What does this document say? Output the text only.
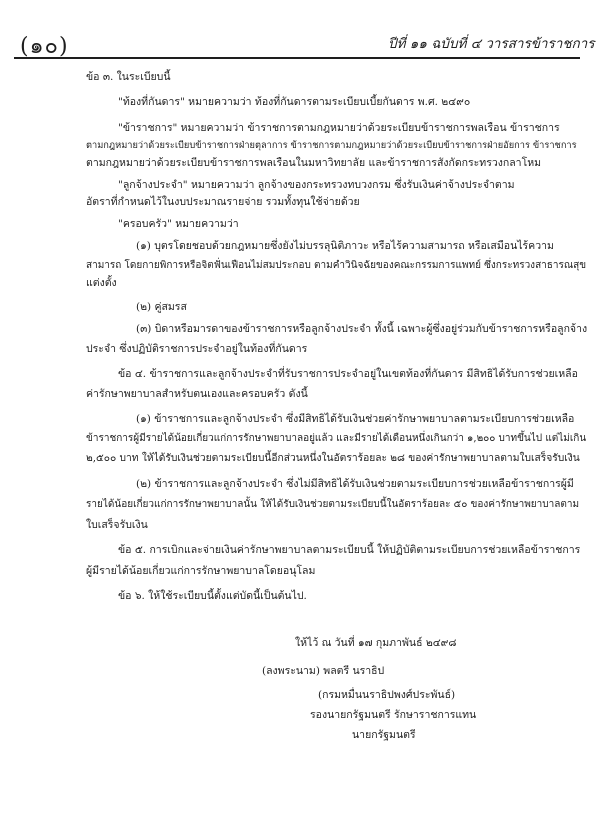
(๑๐)	ปีที่ ๑๑ ฉบับที่ ๔ วารสารข้าราชการ
ข้อ ๓. ในระเบียบนี้
"ท้องที่กันดาร" หมายความว่า ท้องที่กันดารตามระเบียบเบี้ยกันดาร พ.ศ. ๒๔๙๐
"ข้าราชการ" หมายความว่า ข้าราชการตามกฎหมายว่าด้วยระเบียบข้าราชการพลเรือน ข้าราชการ
ตามกฎหมายว่าด้วยระเบียบข้าราชการฝ่ายตุลาการ ข้าราชการตามกฎหมายว่าด้วยระเบียบข้าราชการฝ่ายอัยการ ข้าราชการ
ตามกฎหมายว่าด้วยระเบียบข้าราชการพลเรือนในมหาวิทยาลัย และข้าราชการสังกัดกระทรวงกลาโหม
"ลูกจ้างประจำ" หมายความว่า ลูกจ้างของกระทรวงทบวงกรม ซึ่งรับเงินค่าจ้างประจำตาม
อัตราที่กำหนดไว้ในงบประมาณรายจ่าย รวมทั้งทุนใช้จ่ายด้วย
"ครอบครัว" หมายความว่า
(๑) บุตรโดยชอบด้วยกฎหมายซึ่งยังไม่บรรลุนิติภาวะ หรือไร้ความสามารถ หรือเสมือนไร้ความ
สามารถ โดยกายพิการหรือจิตฟั่นเฟือนไม่สมประกอบ ตามคำวินิจฉัยของคณะกรรมการแพทย์ ซึ่งกระทรวงสาธารณสุข
แต่งตั้ง
(๒) คู่สมรส
(๓) บิดาหรือมารดาของข้าราชการหรือลูกจ้างประจำ ทั้งนี้ เฉพาะผู้ซึ่งอยู่ร่วมกับข้าราชการหรือลูกจ้าง
ประจำ ซึ่งปฏิบัติราชการประจำอยู่ในท้องที่กันดาร
ข้อ ๔. ข้าราชการและลูกจ้างประจำที่รับราชการประจำอยู่ในเขตท้องที่กันดาร มีสิทธิได้รับการช่วยเหลือ
ค่ารักษาพยาบาลสำหรับตนเองและครอบครัว ดังนี้
(๑) ข้าราชการและลูกจ้างประจำ ซึ่งมีสิทธิได้รับเงินช่วยค่ารักษาพยาบาลตามระเบียบการช่วยเหลือ
ข้าราชการผู้มีรายได้น้อยเกี่ยวแก่การรักษาพยาบาลอยู่แล้ว และมีรายได้เดือนหนึ่งเกินกว่า ๑,๒๐๐ บาทขึ้นไป แต่ไม่เกิน
๒,๕๐๐ บาท ให้ได้รับเงินช่วยตามระเบียบนี้อีกส่วนหนึ่งในอัตราร้อยละ ๒๘ ของค่ารักษาพยาบาลตามใบเสร็จรับเงิน
(๒) ข้าราชการและลูกจ้างประจำ ซึ่งไม่มีสิทธิได้รับเงินช่วยตามระเบียบการช่วยเหลือข้าราชการผู้มี
รายได้น้อยเกี่ยวแก่การรักษาพยาบาลนั้น ให้ได้รับเงินช่วยตามระเบียบนี้ในอัตราร้อยละ ๕๐ ของค่ารักษาพยาบาลตาม
ใบเสร็จรับเงิน
ข้อ ๕. การเบิกและจ่ายเงินค่ารักษาพยาบาลตามระเบียบนี้ ให้ปฏิบัติตามระเบียบการช่วยเหลือข้าราชการ
ผู้มีรายได้น้อยเกี่ยวแก่การรักษาพยาบาลโดยอนุโลม
ข้อ ๖. ให้ใช้ระเบียบนี้ตั้งแต่บัดนี้เป็นต้นไป.
ให้ไว้ ณ วันที่ ๑๗ กุมภาพันธ์ ๒๔๙๘
(ลงพระนาม) พลตรี นราธิป
(กรมหมื่นนราธิปพงศ์ประพันธ์)
รองนายกรัฐมนตรี รักษาราชการแทน
นายกรัฐมนตรี
